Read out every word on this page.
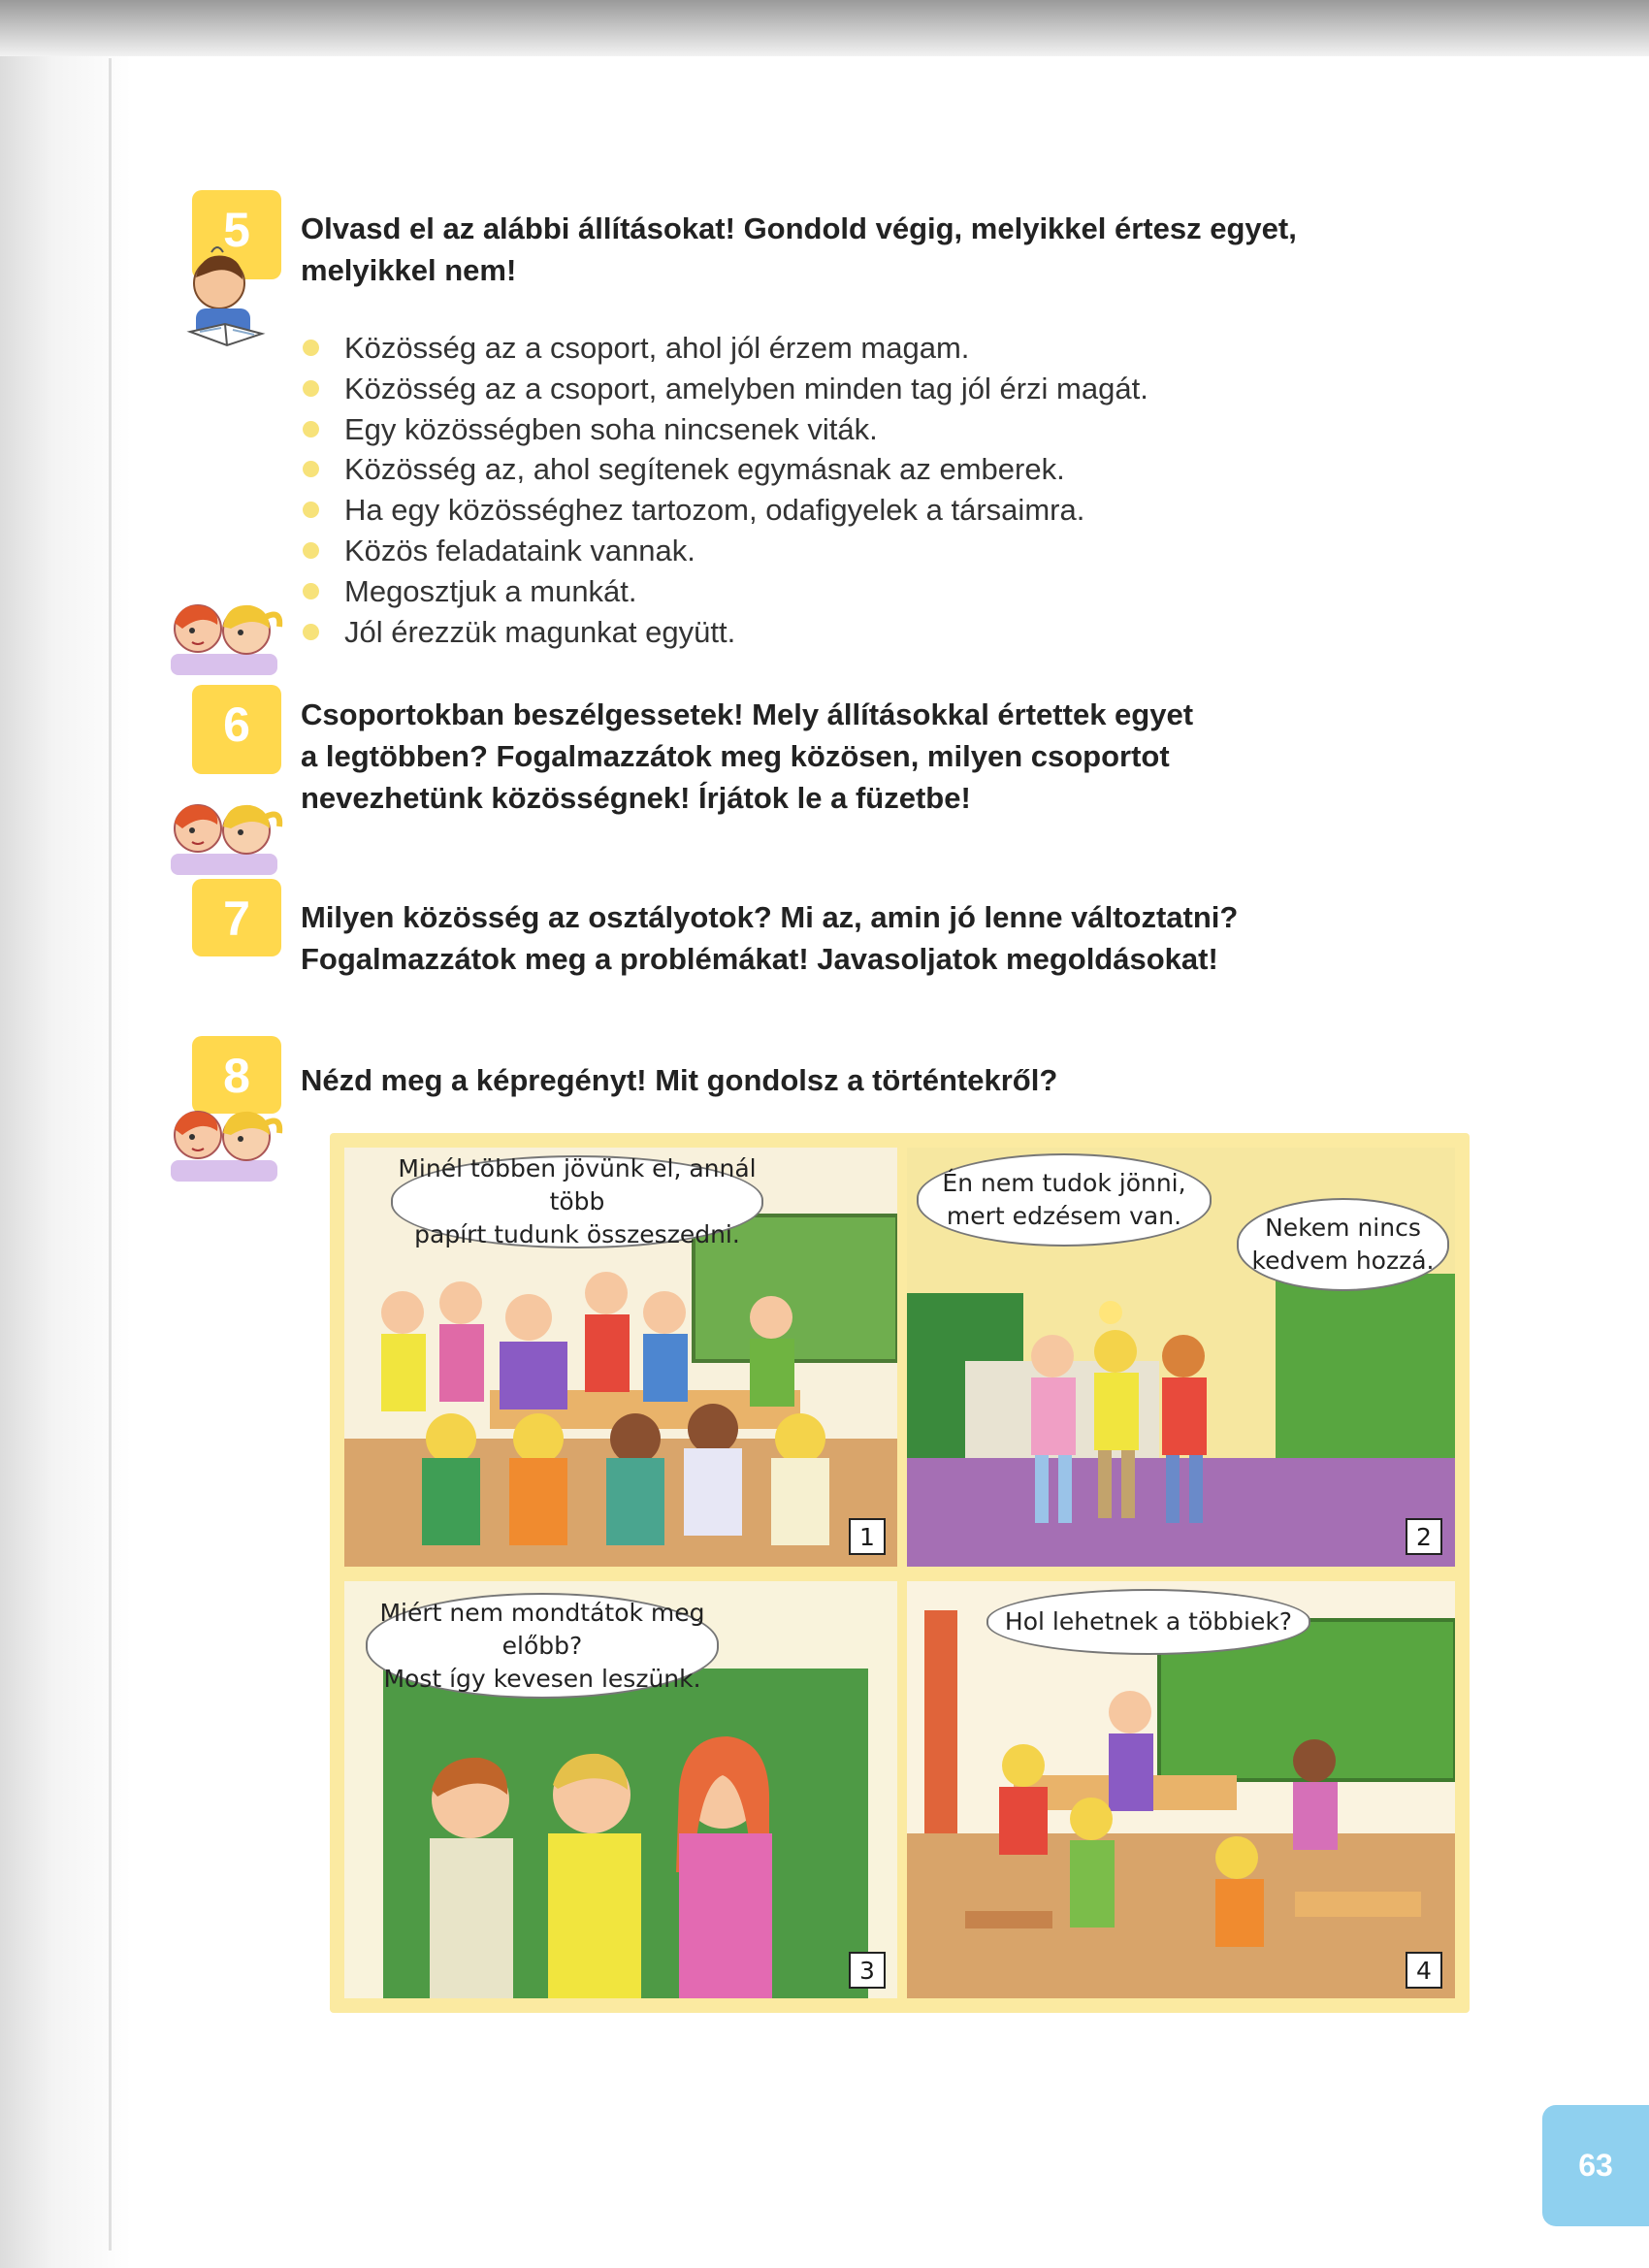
5	Olvasd el az alábbi állításokat! Gondold végig, melyikkel értesz egyet,
melyikkel nem!
Közösség az a csoport, ahol jól érzem magam.
Közösség az a csoport, amelyben minden tag jól érzi magát.
Egy közösségben soha nincsenek viták.
Közösség az, ahol segítenek egymásnak az emberek.
Ha egy közösséghez tartozom, odafigyelek a társaimra.
Közös feladataink vannak.
Megosztjuk a munkát.
Jól érezzük magunkat együtt.
6	Csoportokban beszélgessetek! Mely állításokkal értettek egyet
a legtöbben? Fogalmazzátok meg közösen, milyen csoportot
nevezhetünk közösségnek! Írjátok le a füzetbe!
7	Milyen közösség az osztályotok? Mi az, amin jó lenne változtatni?
Fogalmazzátok meg a problémákat! Javasoljatok megoldásokat!
8	Nézd meg a képregényt! Mit gondolsz a történtekről?
Minél többen jövünk el, annál több
papírt tudunk összeszedni.
1
Én nem tudok jönni,
mert edzésem van.	Nekem nincs
kedvem hozzá.
2
Miért nem mondtátok meg előbb?
Most így kevesen leszünk.
3
Hol lehetnek a többiek?
4
63
